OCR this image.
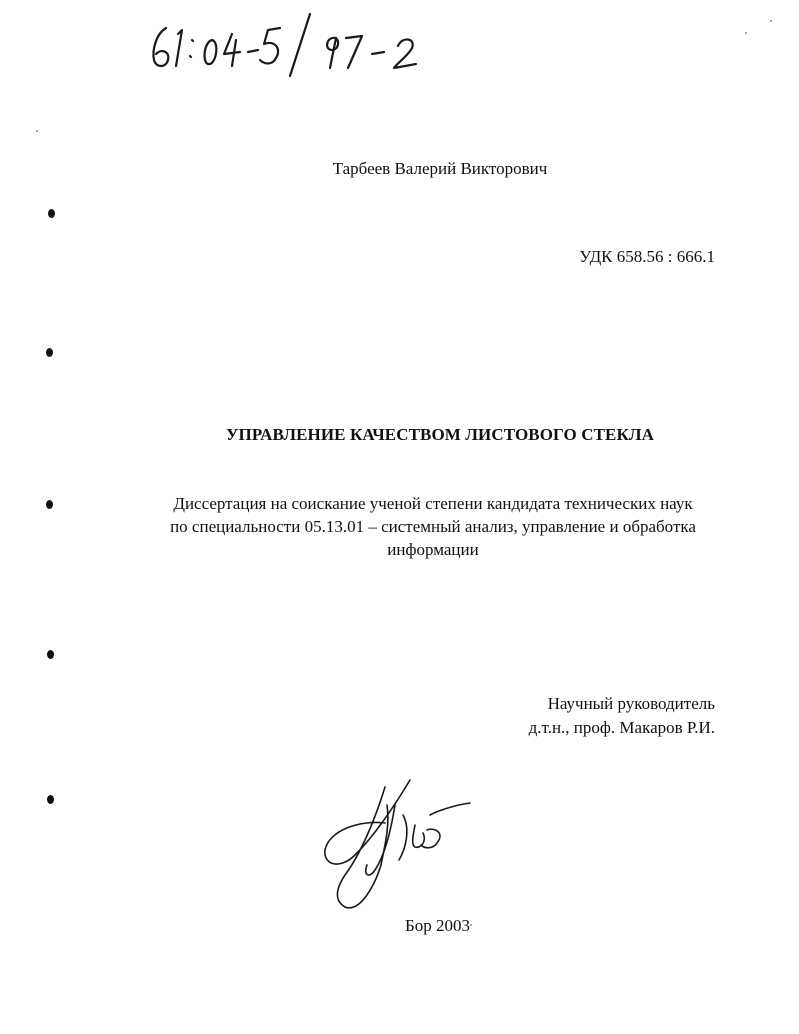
Тарбеев Валерий Викторович
УДК 658.56 : 666.1
УПРАВЛЕНИЕ КАЧЕСТВОМ ЛИСТОВОГО СТЕКЛА
Диссертация на соискание ученой степени кандидата технических наук
по специальности 05.13.01 – системный анализ, управление и обработка
информации
Научный руководитель
д.т.н., проф. Макаров Р.И.
Бор 2003
